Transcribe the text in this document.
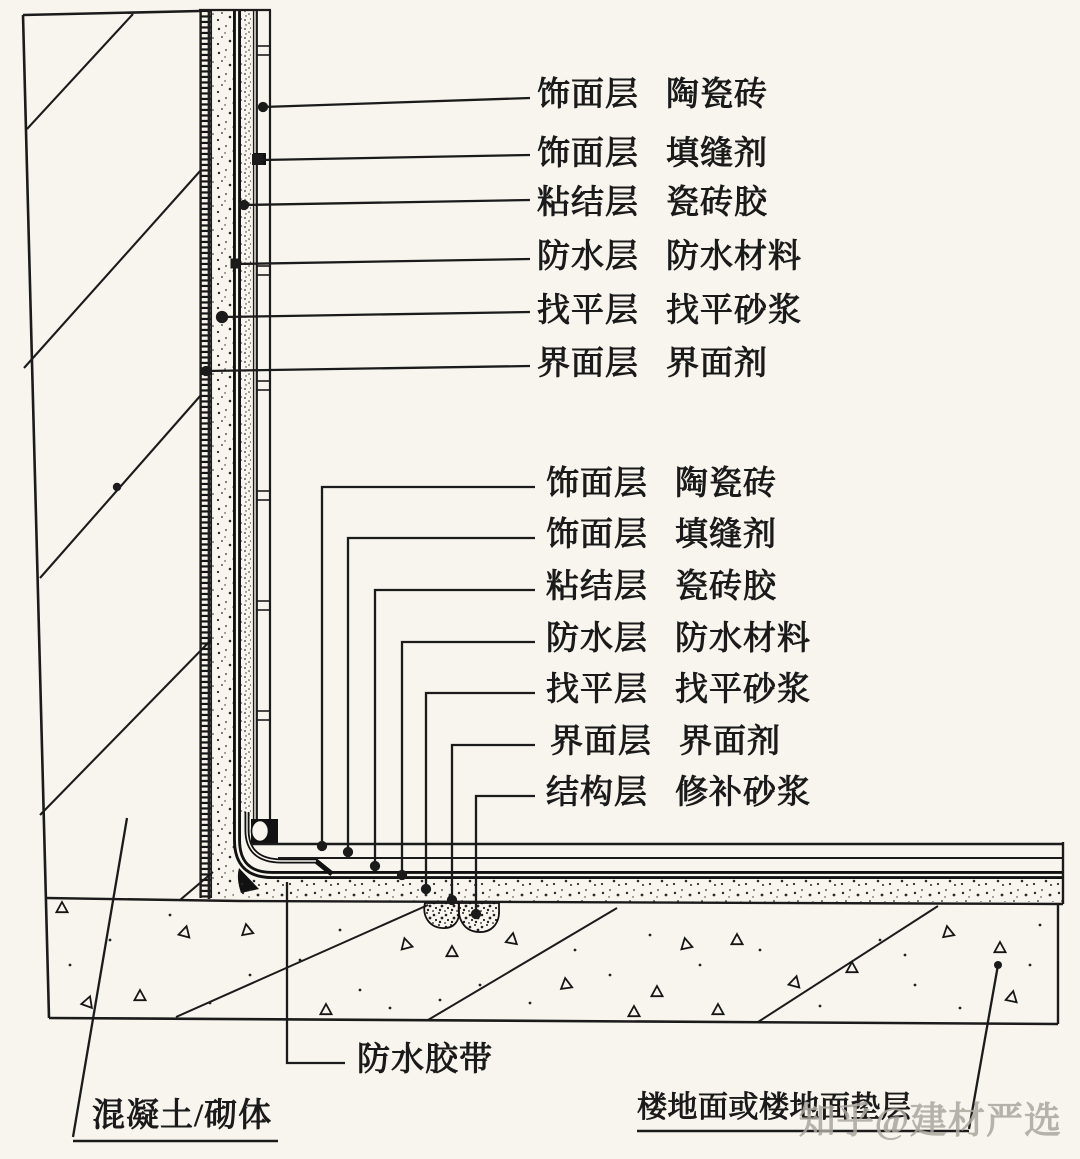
饰面层 陶瓷砖
饰面层 填缝剂
粘结层 瓷砖胶
防水层 防水材料
找平层 找平砂浆
界面层 界面剂
饰面层 陶瓷砖
饰面层 填缝剂
粘结层 瓷砖胶
防水层 防水材料
找平层 找平砂浆
界面层 界面剂
结构层 修补砂浆
防水胶带
混凝土/砌体	楼地面或楼地面垫层
知乎@建材严选
